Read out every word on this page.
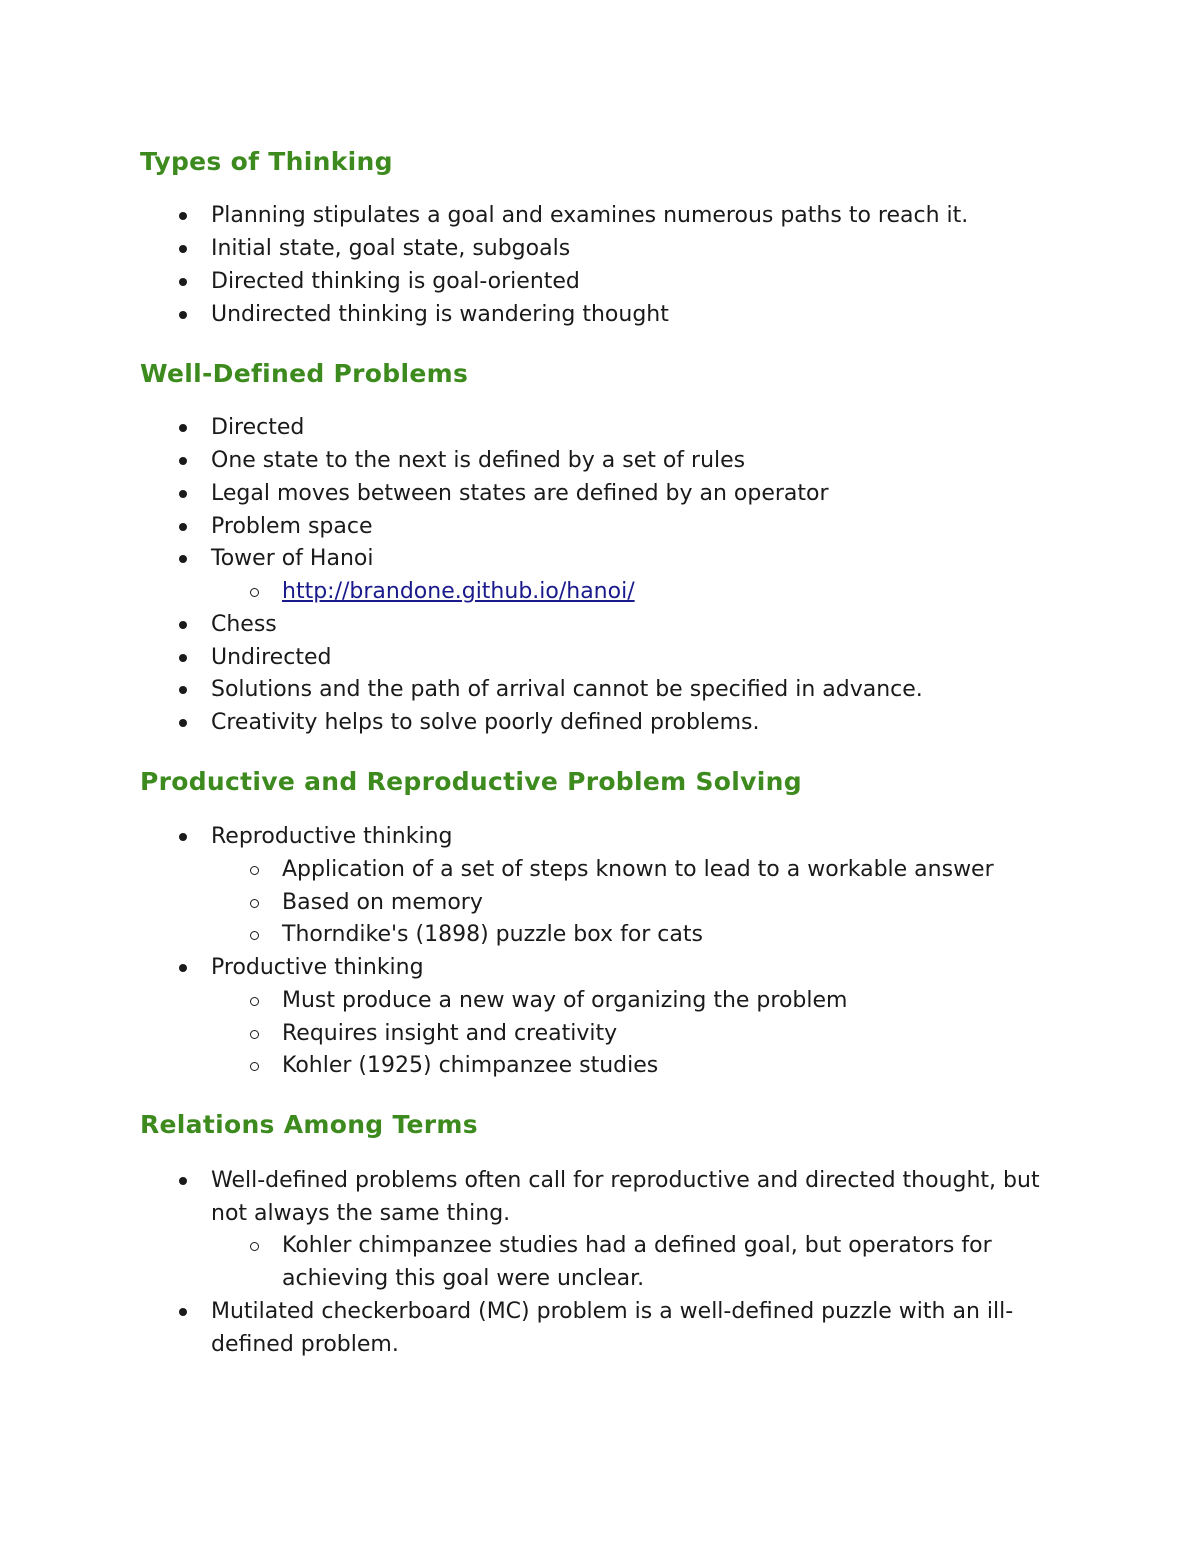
Types of Thinking
Planning stipulates a goal and examines numerous paths to reach it.
Initial state, goal state, subgoals
Directed thinking is goal-oriented
Undirected thinking is wandering thought
Well-Defined Problems
Directed
One state to the next is defined by a set of rules
Legal moves between states are defined by an operator
Problem space
Tower of Hanoi
http://brandone.github.io/hanoi/
Chess
Undirected
Solutions and the path of arrival cannot be specified in advance.
Creativity helps to solve poorly defined problems.
Productive and Reproductive Problem Solving
Reproductive thinking
Application of a set of steps known to lead to a workable answer
Based on memory
Thorndike's (1898) puzzle box for cats
Productive thinking
Must produce a new way of organizing the problem
Requires insight and creativity
Kohler (1925) chimpanzee studies
Relations Among Terms
Well-defined problems often call for reproductive and directed thought, but
not always the same thing.
Kohler chimpanzee studies had a defined goal, but operators for
achieving this goal were unclear.
Mutilated checkerboard (MC) problem is a well-defined puzzle with an ill-
defined problem.
